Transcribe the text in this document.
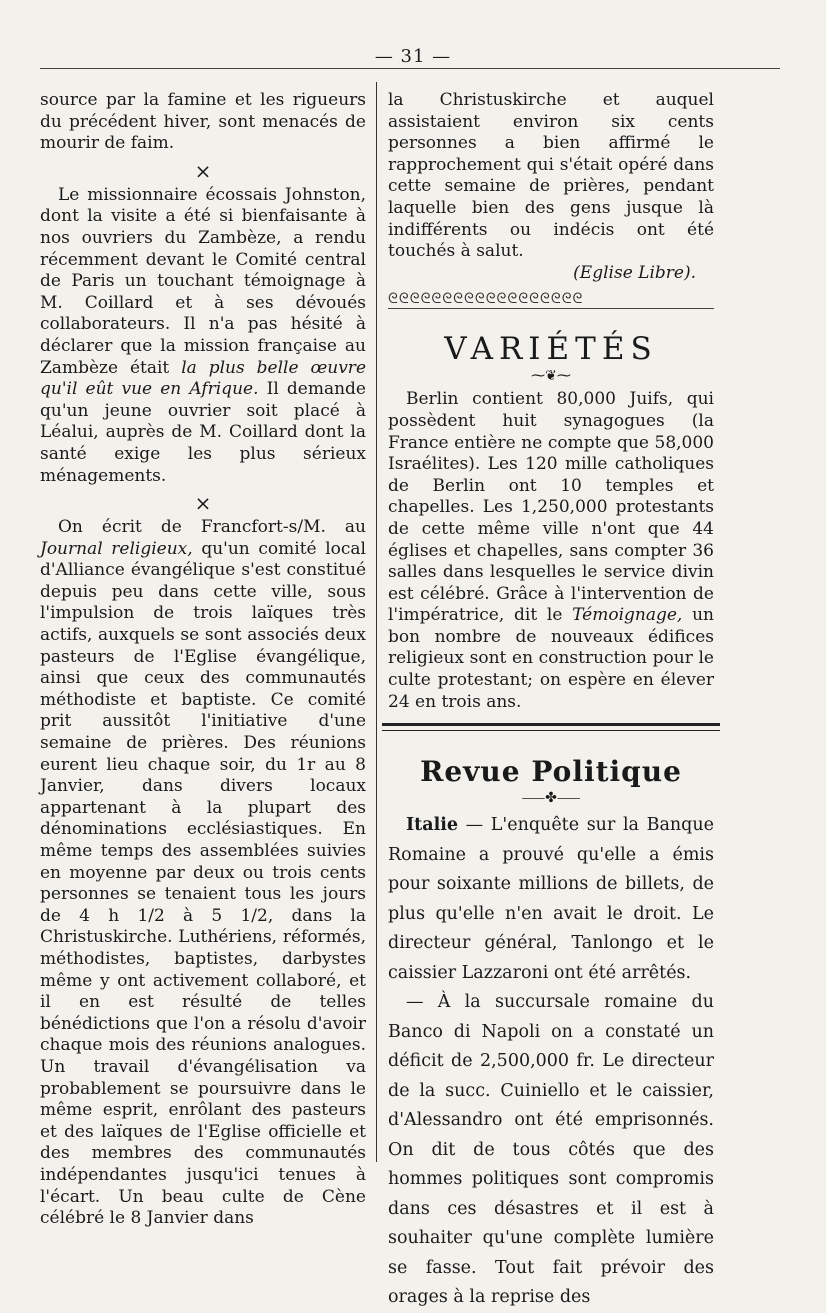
— 31 —

source par la famine et les rigueurs du précédent hiver, sont menacés de mourir de faim.

×

Le missionnaire écossais Johnston, dont la visite a été si bienfaisante à nos ouvriers du Zambèze, a rendu récemment devant le Comité central de Paris un touchant témoignage à M. Coillard et à ses dévoués collaborateurs. Il n'a pas hésité à déclarer que la mission française au Zambèze était la plus belle œuvre qu'il eût vue en Afrique. Il demande qu'un jeune ouvrier soit placé à Léalui, auprès de M. Coillard dont la santé exige les plus sérieux ménagements.

×

On écrit de Francfort-s/M. au Journal religieux, qu'un comité local d'Alliance évangélique s'est constitué depuis peu dans cette ville, sous l'impulsion de trois laïques très actifs, auxquels se sont associés deux pasteurs de l'Eglise évangélique, ainsi que ceux des communautés méthodiste et baptiste. Ce comité prit aussitôt l'initiative d'une semaine de prières. Des réunions eurent lieu chaque soir, du 1r au 8 Janvier, dans divers locaux appartenant à la plupart des dénominations ecclésiastiques. En même temps des assemblées suivies en moyenne par deux ou trois cents personnes se tenaient tous les jours de 4 h 1/2 à 5 1/2, dans la Christuskirche. Luthériens, réformés, méthodistes, baptistes, darbystes même y ont activement collaboré, et il en est résulté de telles bénédictions que l'on a résolu d'avoir chaque mois des réunions analogues. Un travail d'évangélisation va probablement se poursuivre dans le même esprit, enrôlant des pasteurs et des laïques de l'Eglise officielle et des membres des communautés indépendantes jusqu'ici tenues à l'écart. Un beau culte de Cène célébré le 8 Janvier dans

la Christuskirche et auquel assistaient environ six cents personnes a bien affirmé le rapprochement qui s'était opéré dans cette semaine de prières, pendant laquelle bien des gens jusque là indifférents ou indécis ont été touchés à salut.

(Eglise Libre).
ᘓᘓᘓᘓᘓᘓᘓᘓᘓᘓᘓᘓᘓᘓᘓᘓᘓᘓ
VARIÉTÉS
⁓❦⁓

Berlin contient 80,000 Juifs, qui possèdent huit synagogues (la France entière ne compte que 58,000 Israélites). Les 120 mille catholiques de Berlin ont 10 temples et chapelles. Les 1,250,000 protestants de cette même ville n'ont que 44 églises et chapelles, sans compter 36 salles dans lesquelles le service divin est célébré. Grâce à l'intervention de l'impératrice, dit le Témoignage, un bon nombre de nouveaux édifices religieux sont en construction pour le culte protestant; on espère en élever 24 en trois ans.

Revue Politique
⸺✤⸺

Italie — L'enquête sur la Banque Romaine a prouvé qu'elle a émis pour soixante millions de billets, de plus qu'elle n'en avait le droit. Le directeur général, Tanlongo et le caissier Lazzaroni ont été arrêtés.

— À la succursale romaine du Banco di Napoli on a constaté un déficit de 2,500,000 fr. Le directeur de la succ. Cuiniello et le caissier, d'Alessandro ont été emprisonnés. On dit de tous côtés que des hommes politiques sont compromis dans ces désastres et il est à souhaiter qu'une complète lumière se fasse. Tout fait prévoir des orages à la reprise des
